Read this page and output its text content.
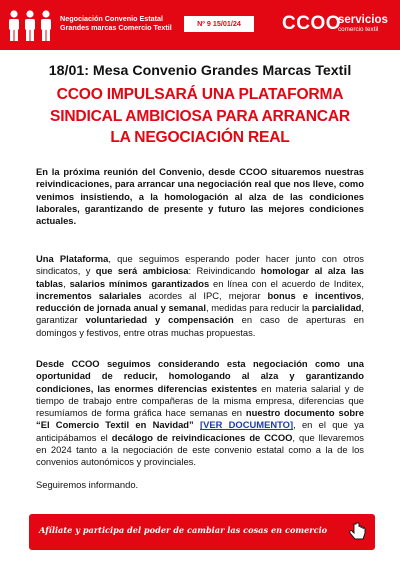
Negociación Convenio Estatal
Grandes marcas Comercio Textil	Nº 9 15/01/24	CCOO
servicios
comercio textil
18/01: Mesa Convenio Grandes Marcas Textil
CCOO IMPULSARÁ UNA PLATAFORMA SINDICAL AMBICIOSA PARA ARRANCAR LA NEGOCIACIÓN REAL
En la próxima reunión del Convenio, desde CCOO situaremos nuestras reivindicaciones, para arrancar una negociación real que nos lleve, como venimos insistiendo, a la homologación al alza de las condiciones laborales, garantizando de presente y futuro las mejores condiciones actuales.
Una Plataforma, que seguimos esperando poder hacer junto con otros sindicatos, y que será ambiciosa: Reivindicando homologar al alza las tablas, salarios mínimos garantizados en línea con el acuerdo de Inditex, incrementos salariales acordes al IPC, mejorar bonus e incentivos, reducción de jornada anual y semanal, medidas para reducir la parcialidad, garantizar voluntariedad y compensación en caso de aperturas en domingos y festivos, entre otras muchas propuestas.
Desde CCOO seguimos considerando esta negociación como una oportunidad de reducir, homologando al alza y garantizando condiciones, las enormes diferencias existentes en materia salarial y de tiempo de trabajo entre compañeras de la misma empresa, diferencias que resumíamos de forma gráfica hace semanas en nuestro documento sobre “El Comercio Textil en Navidad” [VER DOCUMENTO], en el que ya anticipábamos el decálogo de reivindicaciones de CCOO, que llevaremos en 2024 tanto a la negociación de este convenio estatal como a la de los convenios autonómicos y provinciales.
Seguiremos informando.
Afíliate y participa del poder de cambiar las cosas en comercio
